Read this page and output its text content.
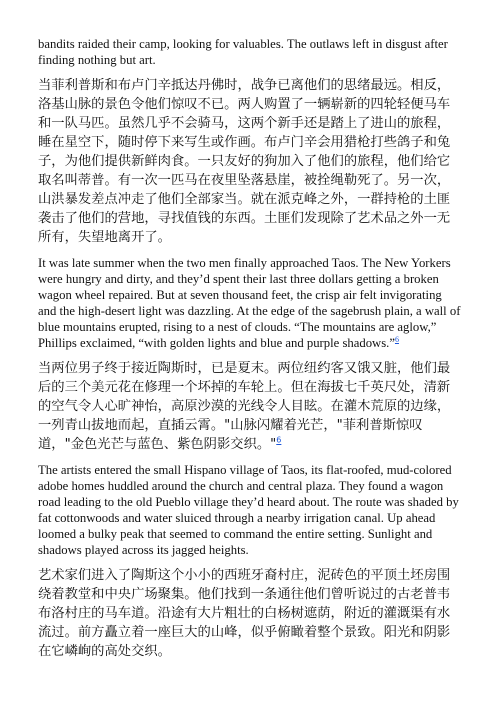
bandits raided their camp, looking for valuables. The outlaws left in disgust after finding nothing but art.

当菲利普斯和布卢门辛抵达丹佛时，战争已离他们的思绪最远。相反，洛基山脉的景色令他们惊叹不已。两人购置了一辆崭新的四轮轻便马车和一队马匹。虽然几乎不会骑马，这两个新手还是踏上了进山的旅程，睡在星空下，随时停下来写生或作画。布卢门辛会用猎枪打些鸽子和兔子，为他们提供新鲜肉食。一只友好的狗加入了他们的旅程，他们给它取名叫蒂普。有一次一匹马在夜里坠落悬崖，被拴绳勒死了。另一次，山洪暴发差点冲走了他们全部家当。就在派克峰之外，一群持枪的土匪袭击了他们的营地，寻找值钱的东西。土匪们发现除了艺术品之外一无所有，失望地离开了。

It was late summer when the two men finally approached Taos. The New Yorkers were hungry and dirty, and they’d spent their last three dollars getting a broken wagon wheel repaired. But at seven thousand feet, the crisp air felt invigorating and the high-desert light was dazzling. At the edge of the sagebrush plain, a wall of blue mountains erupted, rising to a nest of clouds. “The mountains are aglow,” Phillips exclaimed, “with golden lights and blue and purple shadows.”$^6$

当两位男子终于接近陶斯时，已是夏末。两位纽约客又饿又脏，他们最后的三个美元花在修理一个坏掉的车轮上。但在海拔七千英尺处，清新的空气令人心旷神怡，高原沙漠的光线令人目眩。在灌木荒原的边缘，一列青山拔地而起，直插云霄。"山脉闪耀着光芒，"菲利普斯惊叹道，"金色光芒与蓝色、紫色阴影交织。"$^6$

The artists entered the small Hispano village of Taos, its flat-roofed, mud-colored adobe homes huddled around the church and central plaza. They found a wagon road leading to the old Pueblo village they’d heard about. The route was shaded by fat cottonwoods and water sluiced through a nearby irrigation canal. Up ahead loomed a bulky peak that seemed to command the entire setting. Sunlight and shadows played across its jagged heights.

艺术家们进入了陶斯这个小小的西班牙裔村庄，泥砖色的平顶土坯房围绕着教堂和中央广场聚集。他们找到一条通往他们曾听说过的古老普韦布洛村庄的马车道。沿途有大片粗壮的白杨树遮荫，附近的灌溉渠有水流过。前方矗立着一座巨大的山峰，似乎俯瞰着整个景致。阳光和阴影在它嶙峋的高处交织。
